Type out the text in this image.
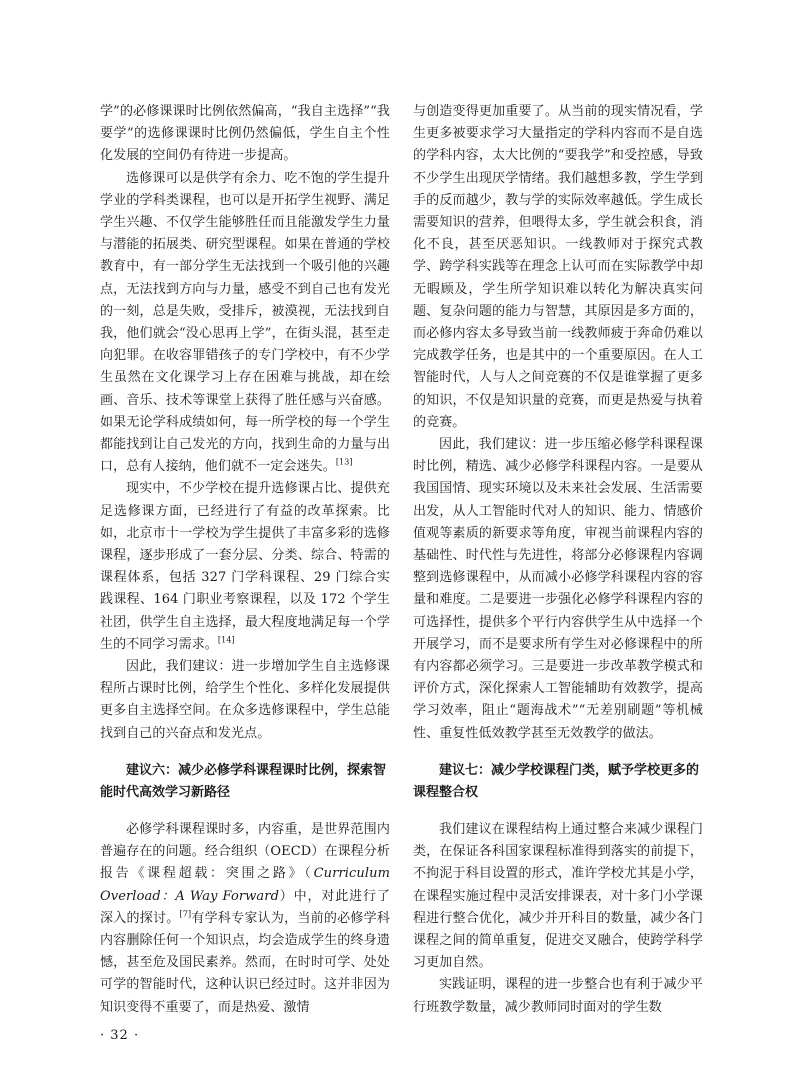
学”的必修课课时比例依然偏高，“我自主选择”“我要学”的选修课课时比例仍然偏低，学生自主个性化发展的空间仍有待进一步提高。

选修课可以是供学有余力、吃不饱的学生提升学业的学科类课程，也可以是开拓学生视野、满足学生兴趣、不仅学生能够胜任而且能激发学生力量与潜能的拓展类、研究型课程。如果在普通的学校教育中，有一部分学生无法找到一个吸引他的兴趣点，无法找到方向与力量，感受不到自己也有发光的一刻，总是失败，受排斥，被漠视，无法找到自我，他们就会“没心思再上学”，在街头混，甚至走向犯罪。在收容罪错孩子的专门学校中，有不少学生虽然在文化课学习上存在困难与挑战，却在绘画、音乐、技术等课堂上获得了胜任感与兴奋感。如果无论学科成绩如何，每一所学校的每一个学生都能找到让自己发光的方向，找到生命的力量与出口，总有人接纳，他们就不一定会迷失。[13]

现实中，不少学校在提升选修课占比、提供充足选修课方面，已经进行了有益的改革探索。比如，北京市十一学校为学生提供了丰富多彩的选修课程，逐步形成了一套分层、分类、综合、特需的课程体系，包括 327 门学科课程、29 门综合实践课程、164 门职业考察课程，以及 172 个学生社团，供学生自主选择，最大程度地满足每一个学生的不同学习需求。[14]

因此，我们建议：进一步增加学生自主选修课程所占课时比例，给学生个性化、多样化发展提供更多自主选择空间。在众多选修课程中，学生总能找到自己的兴奋点和发光点。

建议六：减少必修学科课程课时比例，探索智能时代高效学习新路径

必修学科课程课时多，内容重，是世界范围内普遍存在的问题。经合组织（OECD）在课程分析报告《课程超载：突围之路》（Curriculum Overload：A Way Forward）中，对此进行了深入的探讨。[7]有学科专家认为，当前的必修学科内容删除任何一个知识点，均会造成学生的终身遗憾，甚至危及国民素养。然而，在时时可学、处处可学的智能时代，这种认识已经过时。这并非因为知识变得不重要了，而是热爱、激情

与创造变得更加重要了。从当前的现实情况看，学生更多被要求学习大量指定的学科内容而不是自选的学科内容，太大比例的“要我学”和受控感，导致不少学生出现厌学情绪。我们越想多教，学生学到手的反而越少，教与学的实际效率越低。学生成长需要知识的营养，但喂得太多，学生就会积食，消化不良，甚至厌恶知识。一线教师对于探究式教学、跨学科实践等在理念上认可而在实际教学中却无暇顾及，学生所学知识难以转化为解决真实问题、复杂问题的能力与智慧，其原因是多方面的，而必修内容太多导致当前一线教师疲于奔命仍难以完成教学任务，也是其中的一个重要原因。在人工智能时代，人与人之间竞赛的不仅是谁掌握了更多的知识，不仅是知识量的竞赛，而更是热爱与执着的竞赛。

因此，我们建议：进一步压缩必修学科课程课时比例，精选、减少必修学科课程内容。一是要从我国国情、现实环境以及未来社会发展、生活需要出发，从人工智能时代对人的知识、能力、情感价值观等素质的新要求等角度，审视当前课程内容的基础性、时代性与先进性，将部分必修课程内容调整到选修课程中，从而减小必修学科课程内容的容量和难度。二是要进一步强化必修学科课程内容的可选择性，提供多个平行内容供学生从中选择一个开展学习，而不是要求所有学生对必修课程中的所有内容都必须学习。三是要进一步改革教学模式和评价方式，深化探索人工智能辅助有效教学，提高学习效率，阻止“题海战术”“无差别刷题”等机械性、重复性低效教学甚至无效教学的做法。

建议七：减少学校课程门类，赋予学校更多的课程整合权

我们建议在课程结构上通过整合来减少课程门类，在保证各科国家课程标准得到落实的前提下，不拘泥于科目设置的形式，准许学校尤其是小学，在课程实施过程中灵活安排课表，对十多门小学课程进行整合优化，减少并开科目的数量，减少各门课程之间的简单重复，促进交叉融合，使跨学科学习更加自然。

实践证明，课程的进一步整合也有利于减少平行班教学数量，减少教师同时面对的学生数

· 32 ·
